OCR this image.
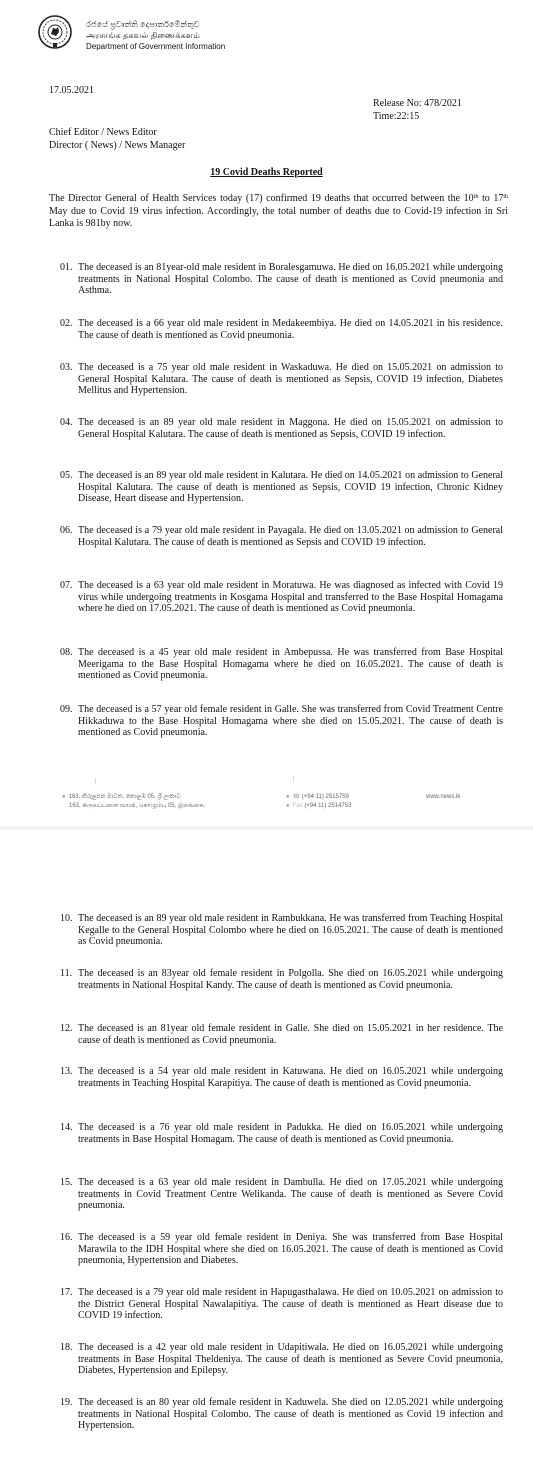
රජයේ ප්‍රවෘත්ති දෙපාර්තමේන්තුව
அரசாங்க தகவல் திணைக்களம்
Department of Government Information
17.05.2021
Release No: 478/2021
Time:22:15
Chief Editor / News Editor
Director ( News) / News Manager
19 Covid Deaths Reported
The Director General of Health Services today (17) confirmed 19 deaths that occurred between the 10th to 17th May due to Covid 19 virus infection. Accordingly, the total number of deaths due to Covid-19 infection in Sri Lanka is 981by now.
01. The deceased is an 81year-old male resident in Boralesgamuwa. He died on 16.05.2021 while undergoing treatments in National Hospital Colombo. The cause of death is mentioned as Covid pneumonia and Asthma.
02. The deceased is a 66 year old male resident in Medakeembiya. He died on 14.05.2021 in his residence. The cause of death is mentioned as Covid pneumonia.
03. The deceased is a 75 year old male resident in Waskaduwa. He died on 15.05.2021 on admission to General Hospital Kalutara. The cause of death is mentioned as Sepsis, COVID 19 infection, Diabetes Mellitus and Hypertension.
04. The deceased is an 89 year old male resident in Maggona. He died on 15.05.2021 on admission to General Hospital Kalutara. The cause of death is mentioned as Sepsis, COVID 19 infection.
05. The deceased is an 89 year old male resident in Kalutara. He died on 14.05.2021 on admission to General Hospital Kalutara. The cause of death is mentioned as Sepsis, COVID 19 infection, Chronic Kidney Disease, Heart disease and Hypertension.
06. The deceased is a 79 year old male resident in Payagala. He died on 13.05.2021 on admission to General Hospital Kalutara. The cause of death is mentioned as Sepsis and COVID 19 infection.
07. The deceased is a 63 year old male resident in Moratuwa. He was diagnosed as infected with Covid 19 virus while undergoing treatments in Kosgama Hospital and transferred to the Base Hospital Homagama where he died on 17.05.2021. The cause of death is mentioned as Covid pneumonia.
08. The deceased is a 45 year old male resident in Ambepussa. He was transferred from Base Hospital Meerigama to the Base Hospital Homagama where he died on 16.05.2021. The cause of death is mentioned as Covid pneumonia.
09. The deceased is a 57 year old female resident in Galle. She was transferred from Covid Treatment Centre Hikkaduwa to the Base Hospital Homagama where she died on 15.05.2021. The cause of death is mentioned as Covid pneumonia.
● 163, කිරුළපන මාවත, කොළඹ 05, ශ්‍රී ලංකාව
163, கிருலப்பனை வாவி, கொழும்பு 05, இலங்கை.
● ☎ (+94 11) 2515759
● Fax (+94 11) 2514753
www.news.lk
10. The deceased is an 89 year old male resident in Rambukkana. He was transferred from Teaching Hospital Kegalle to the General Hospital Colombo where he died on 16.05.2021. The cause of death is mentioned as Covid pneumonia.
11. The deceased is an 83year old female resident in Polgolla. She died on 16.05.2021 while undergoing treatments in National Hospital Kandy. The cause of death is mentioned as Covid pneumonia.
12. The deceased is an 81year old female resident in Galle. She died on 15.05.2021 in her residence. The cause of death is mentioned as Covid pneumonia.
13. The deceased is a 54 year old male resident in Katuwana. He died on 16.05.2021 while undergoing treatments in Teaching Hospital Karapitiya. The cause of death is mentioned as Covid pneumonia.
14. The deceased is a 76 year old male resident in Padukka. He died on 16.05.2021 while undergoing treatments in Base Hospital Homagam. The cause of death is mentioned as Covid pneumonia.
15. The deceased is a 63 year old male resident in Dambulla. He died on 17.05.2021 while undergoing treatments in Covid Treatment Centre Welikanda. The cause of death is mentioned as Severe Covid pneumonia.
16. The deceased is a 59 year old female resident in Deniya. She was transferred from Base Hospital Marawila to the IDH Hospital where she died on 16.05.2021. The cause of death is mentioned as Covid pneumonia, Hypertension and Diabetes.
17. The deceased is a 79 year old male resident in Hapugasthalawa. He died on 10.05.2021 on admission to the District General Hospital Nawalapitiya. The cause of death is mentioned as Heart disease due to COVID 19 infection.
18. The deceased is a 42 year old male resident in Udapitiwala. He died on 16.05.2021 while undergoing treatments in Base Hospital Theldeniya. The cause of death is mentioned as Severe Covid pneumonia, Diabetes, Hypertension and Epilepsy.
19. The deceased is an 80 year old female resident in Kaduwela. She died on 12.05.2021 while undergoing treatments in National Hospital Colombo. The cause of death is mentioned as Covid 19 infection and Hypertension.
